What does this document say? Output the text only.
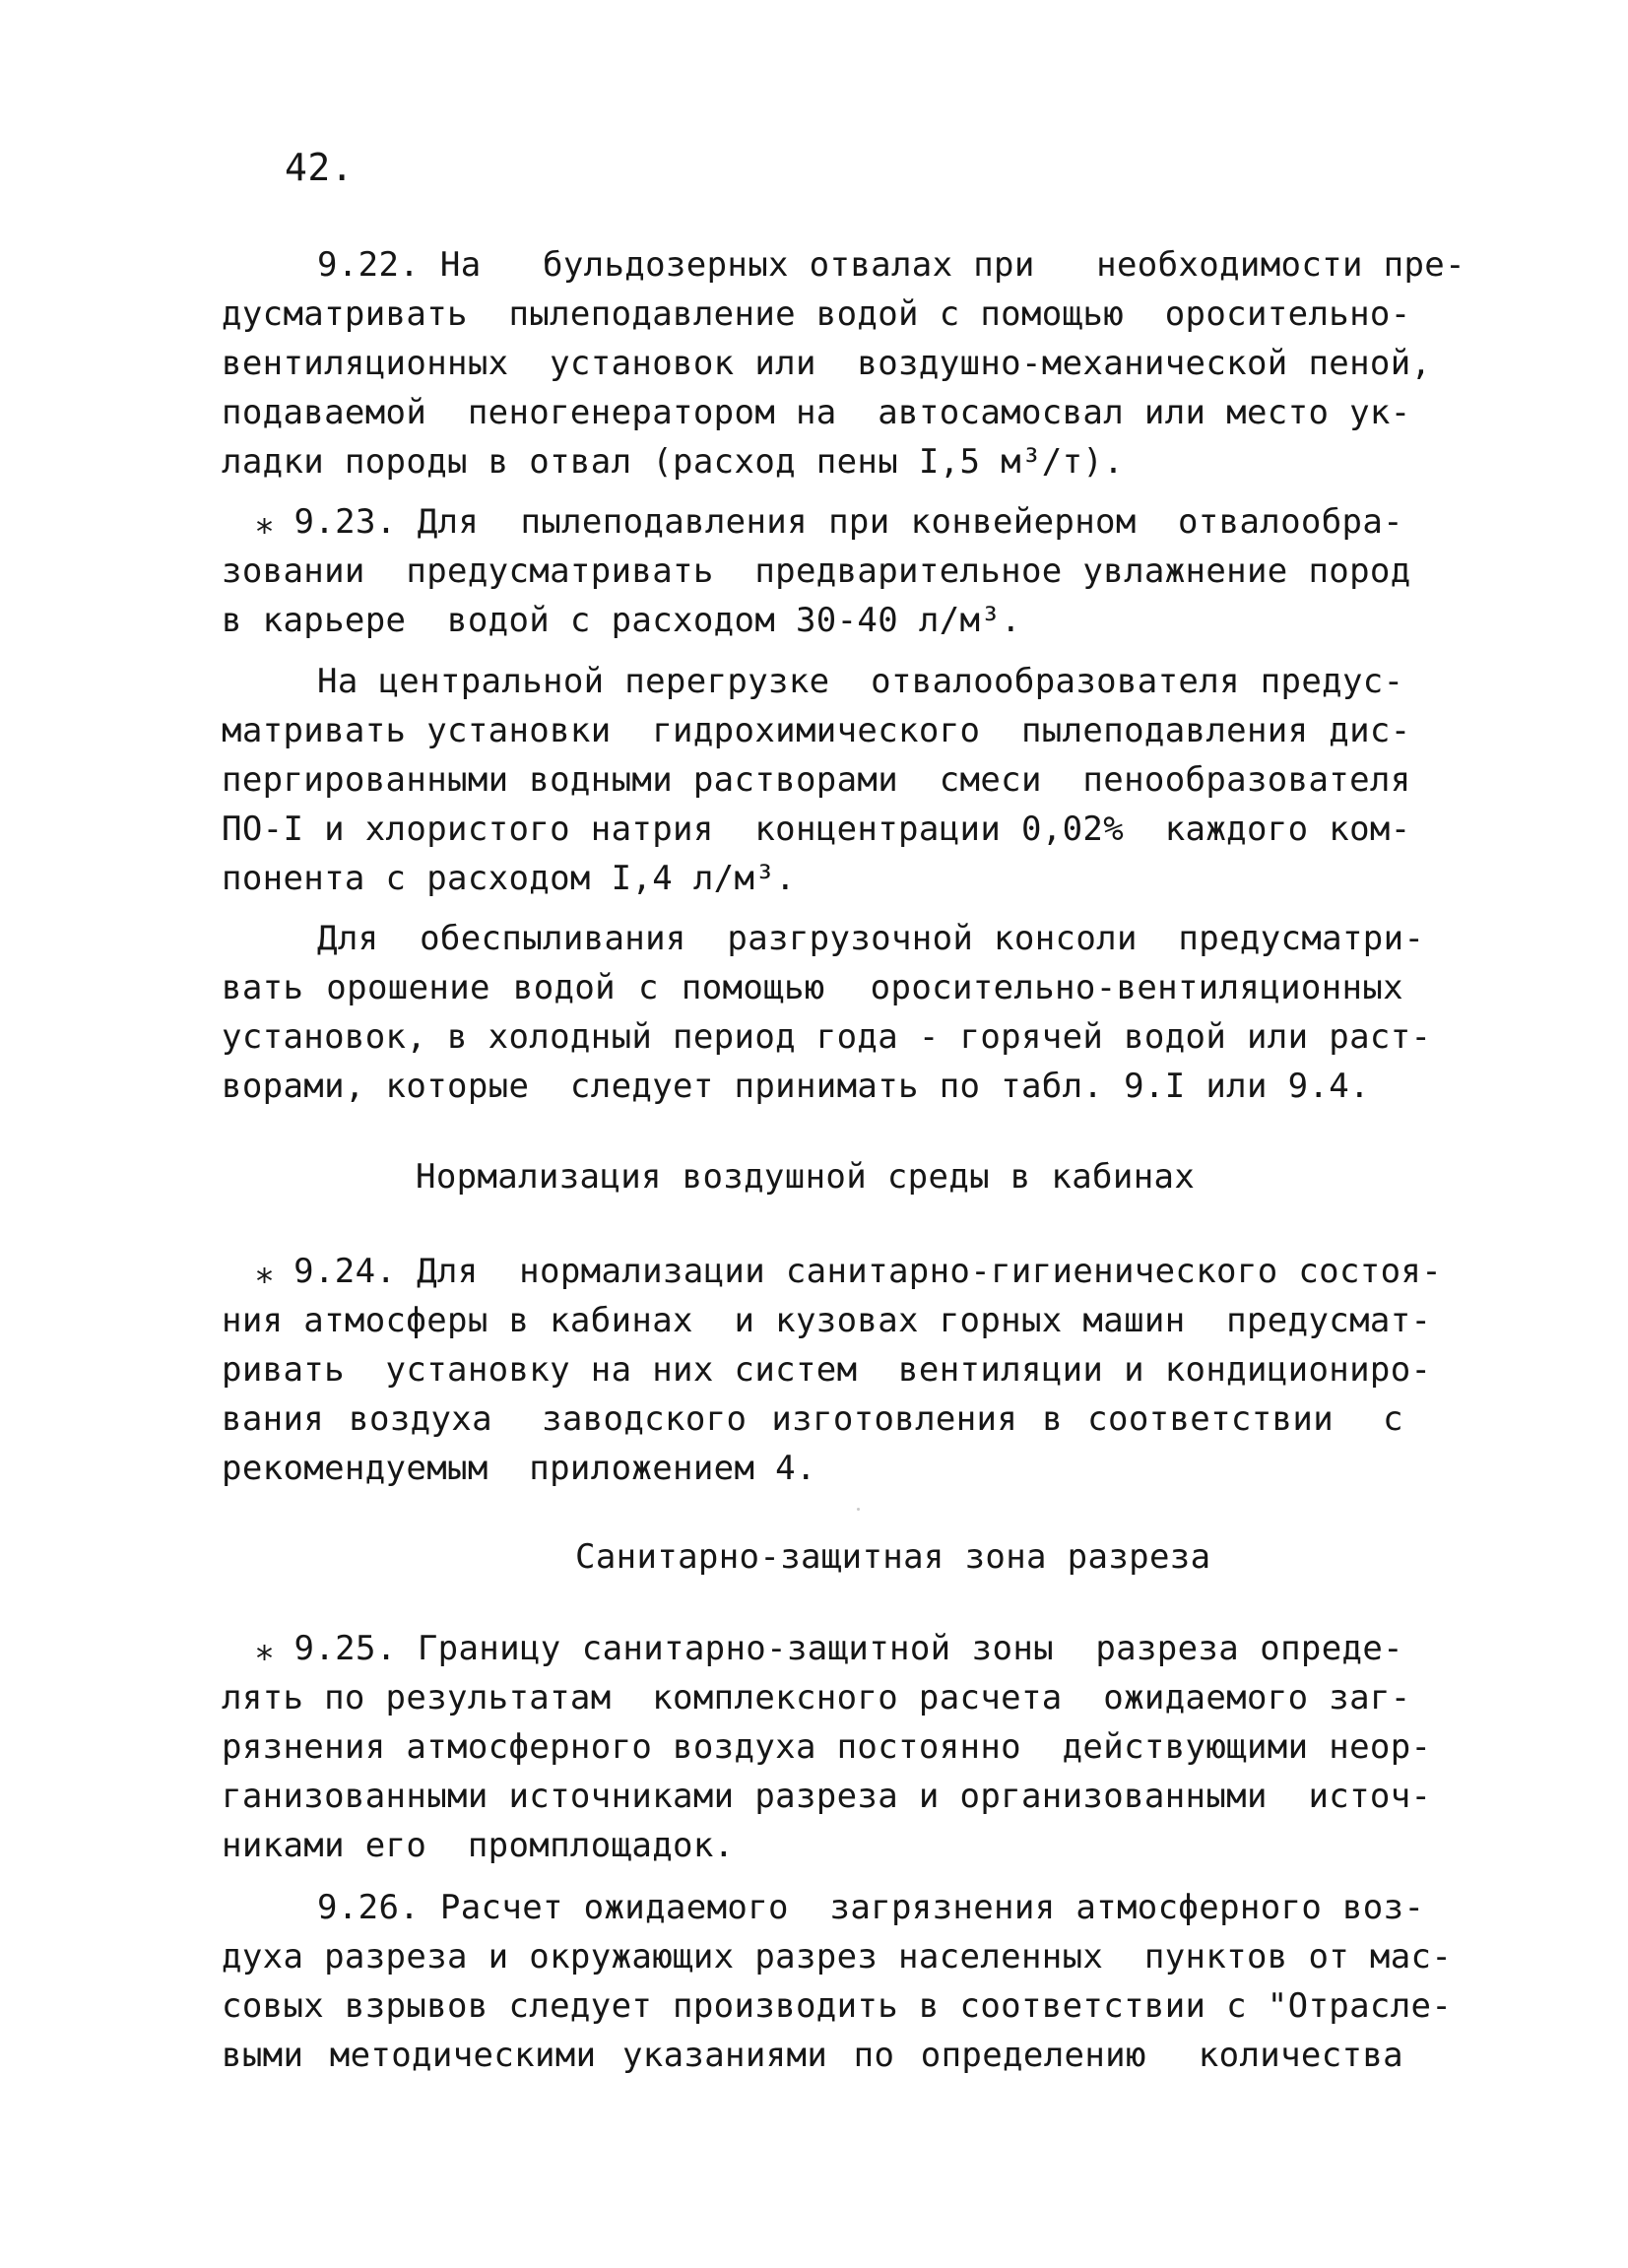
42.
9.22. На   бульдозерных отвалах при   необходимости пре-
дусматривать  пылеподавление водой с помощью  оросительно-
вентиляционных  установок или  воздушно-механической пеной,
подаваемой  пеногенератором на  автосамосвал или место ук-
ладки породы в отвал (расход пены I,5 м³/т).
⁎ 9.23. Для  пылеподавления при конвейерном  отвалообра-
зовании  предусматривать  предварительное увлажнение пород
в карьере  водой с расходом 30-40 л/м³.
На центральной перегрузке  отвалообразователя предус-
матривать установки  гидрохимического  пылеподавления дис-
пергированными водными растворами  смеси  пенообразователя
ПО-I и хлористого натрия  концентрации 0,02%  каждого ком-
понента с расходом I,4 л/м³.
Для  обеспыливания  разгрузочной консоли  предусматри-
вать орошение водой с помощью  оросительно-вентиляционных
установок, в холодный период года - горячей водой или раст-
ворами, которые  следует принимать по табл. 9.I или 9.4.
Нормализация воздушной среды в кабинах
⁎ 9.24. Для  нормализации санитарно-гигиенического состоя-
ния атмосферы в кабинах  и кузовах горных машин  предусмат-
ривать  установку на них систем  вентиляции и кондициониро-
вания воздуха  заводского изготовления в соответствии  с
рекомендуемым  приложением 4.
Санитарно-защитная зона разреза
⁎ 9.25. Границу санитарно-защитной зоны  разреза опреде-
лять по результатам  комплексного расчета  ожидаемого заг-
рязнения атмосферного воздуха постоянно  действующими неор-
ганизованными источниками разреза и организованными  источ-
никами его  промплощадок.
9.26. Расчет ожидаемого  загрязнения атмосферного воз-
духа разреза и окружающих разрез населенных  пунктов от мас-
совых взрывов следует производить в соответствии с "Отрасле-
выми методическими указаниями по определению  количества
